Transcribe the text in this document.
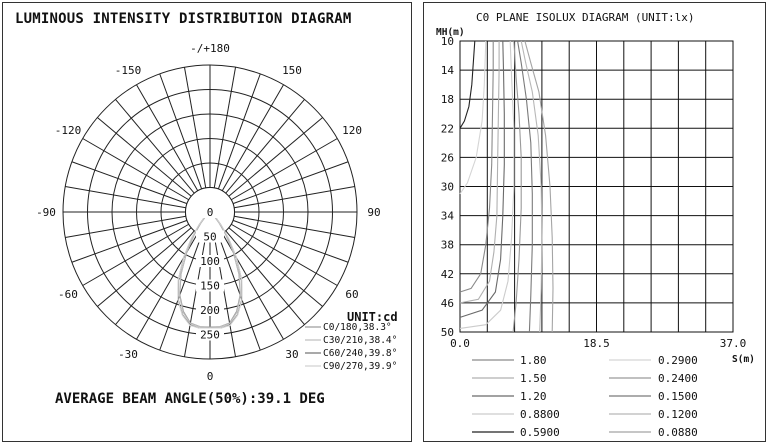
LUMINOUS INTENSITY DISTRIBUTION DIAGRAM
0
50
100
150
200
250
-/+180
150
-150
120
-120
90
-90
60
-60
30
-30
0
UNIT:cd
C0/180,38.3°
C30/210,38.4°
C60/240,39.8°
C90/270,39.9°
AVERAGE BEAM ANGLE(50%):39.1 DEG
C0 PLANE ISOLUX DIAGRAM (UNIT:lx)
MH(m)
10
14
18
22
26
30
34
38
42
46
50
0.0	18.5	37.0
S(m)
1.80
1.50
1.20
0.8800
0.5900
0.2900
0.2400
0.1500
0.1200
0.0880
